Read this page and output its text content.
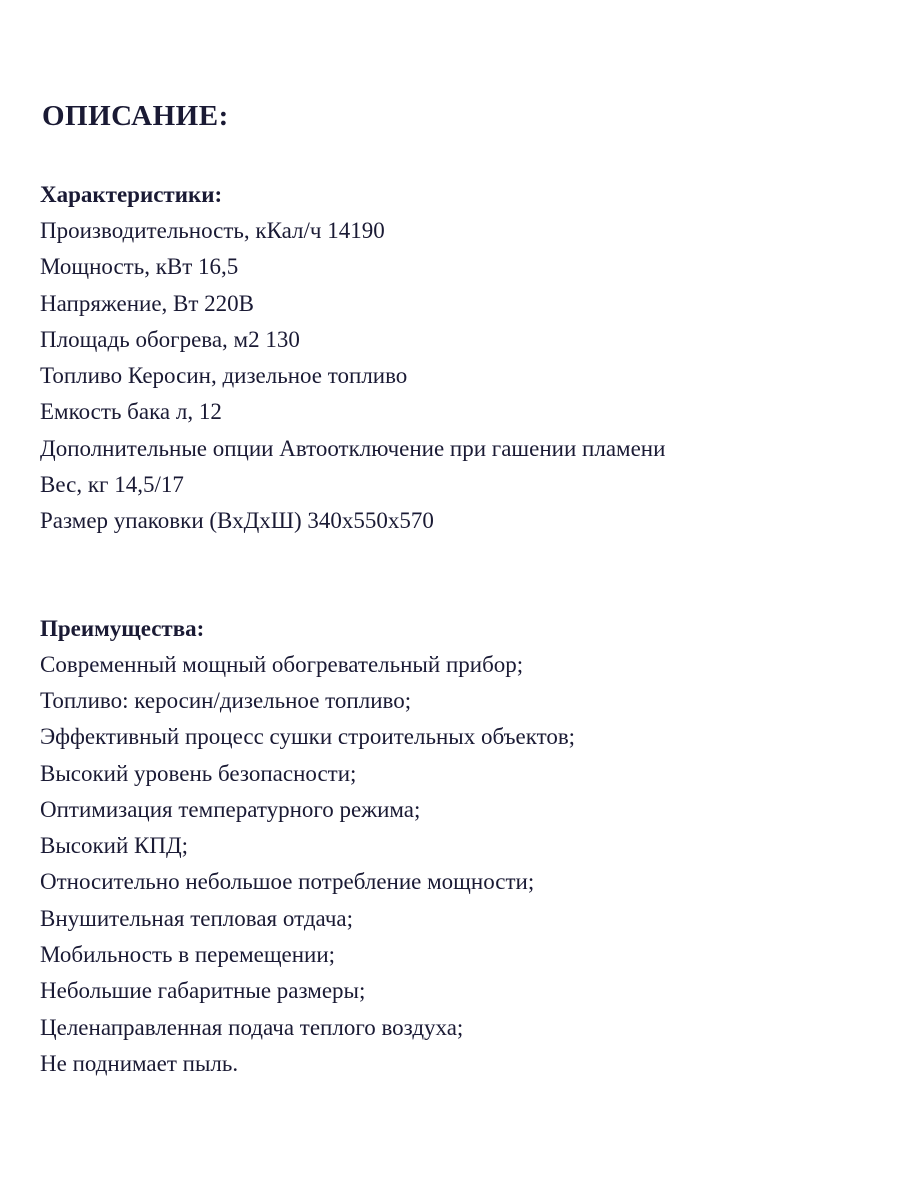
ОПИСАНИЕ:
Характеристики:
Производительность, кКал/ч 14190
Мощность, кВт 16,5
Напряжение, Вт 220В
Площадь обогрева, м2 130
Топливо Керосин, дизельное топливо
Емкость бака л, 12
Дополнительные опции Автоотключение при гашении пламени
Вес, кг 14,5/17
Размер упаковки (ВхДхШ) 340х550х570
Преимущества:
Современный мощный обогревательный прибор;
Топливо: керосин/дизельное топливо;
Эффективный процесс сушки строительных объектов;
Высокий уровень безопасности;
Оптимизация температурного режима;
Высокий КПД;
Относительно небольшое потребление мощности;
Внушительная тепловая отдача;
Мобильность в перемещении;
Небольшие габаритные размеры;
Целенаправленная подача теплого воздуха;
Не поднимает пыль.
